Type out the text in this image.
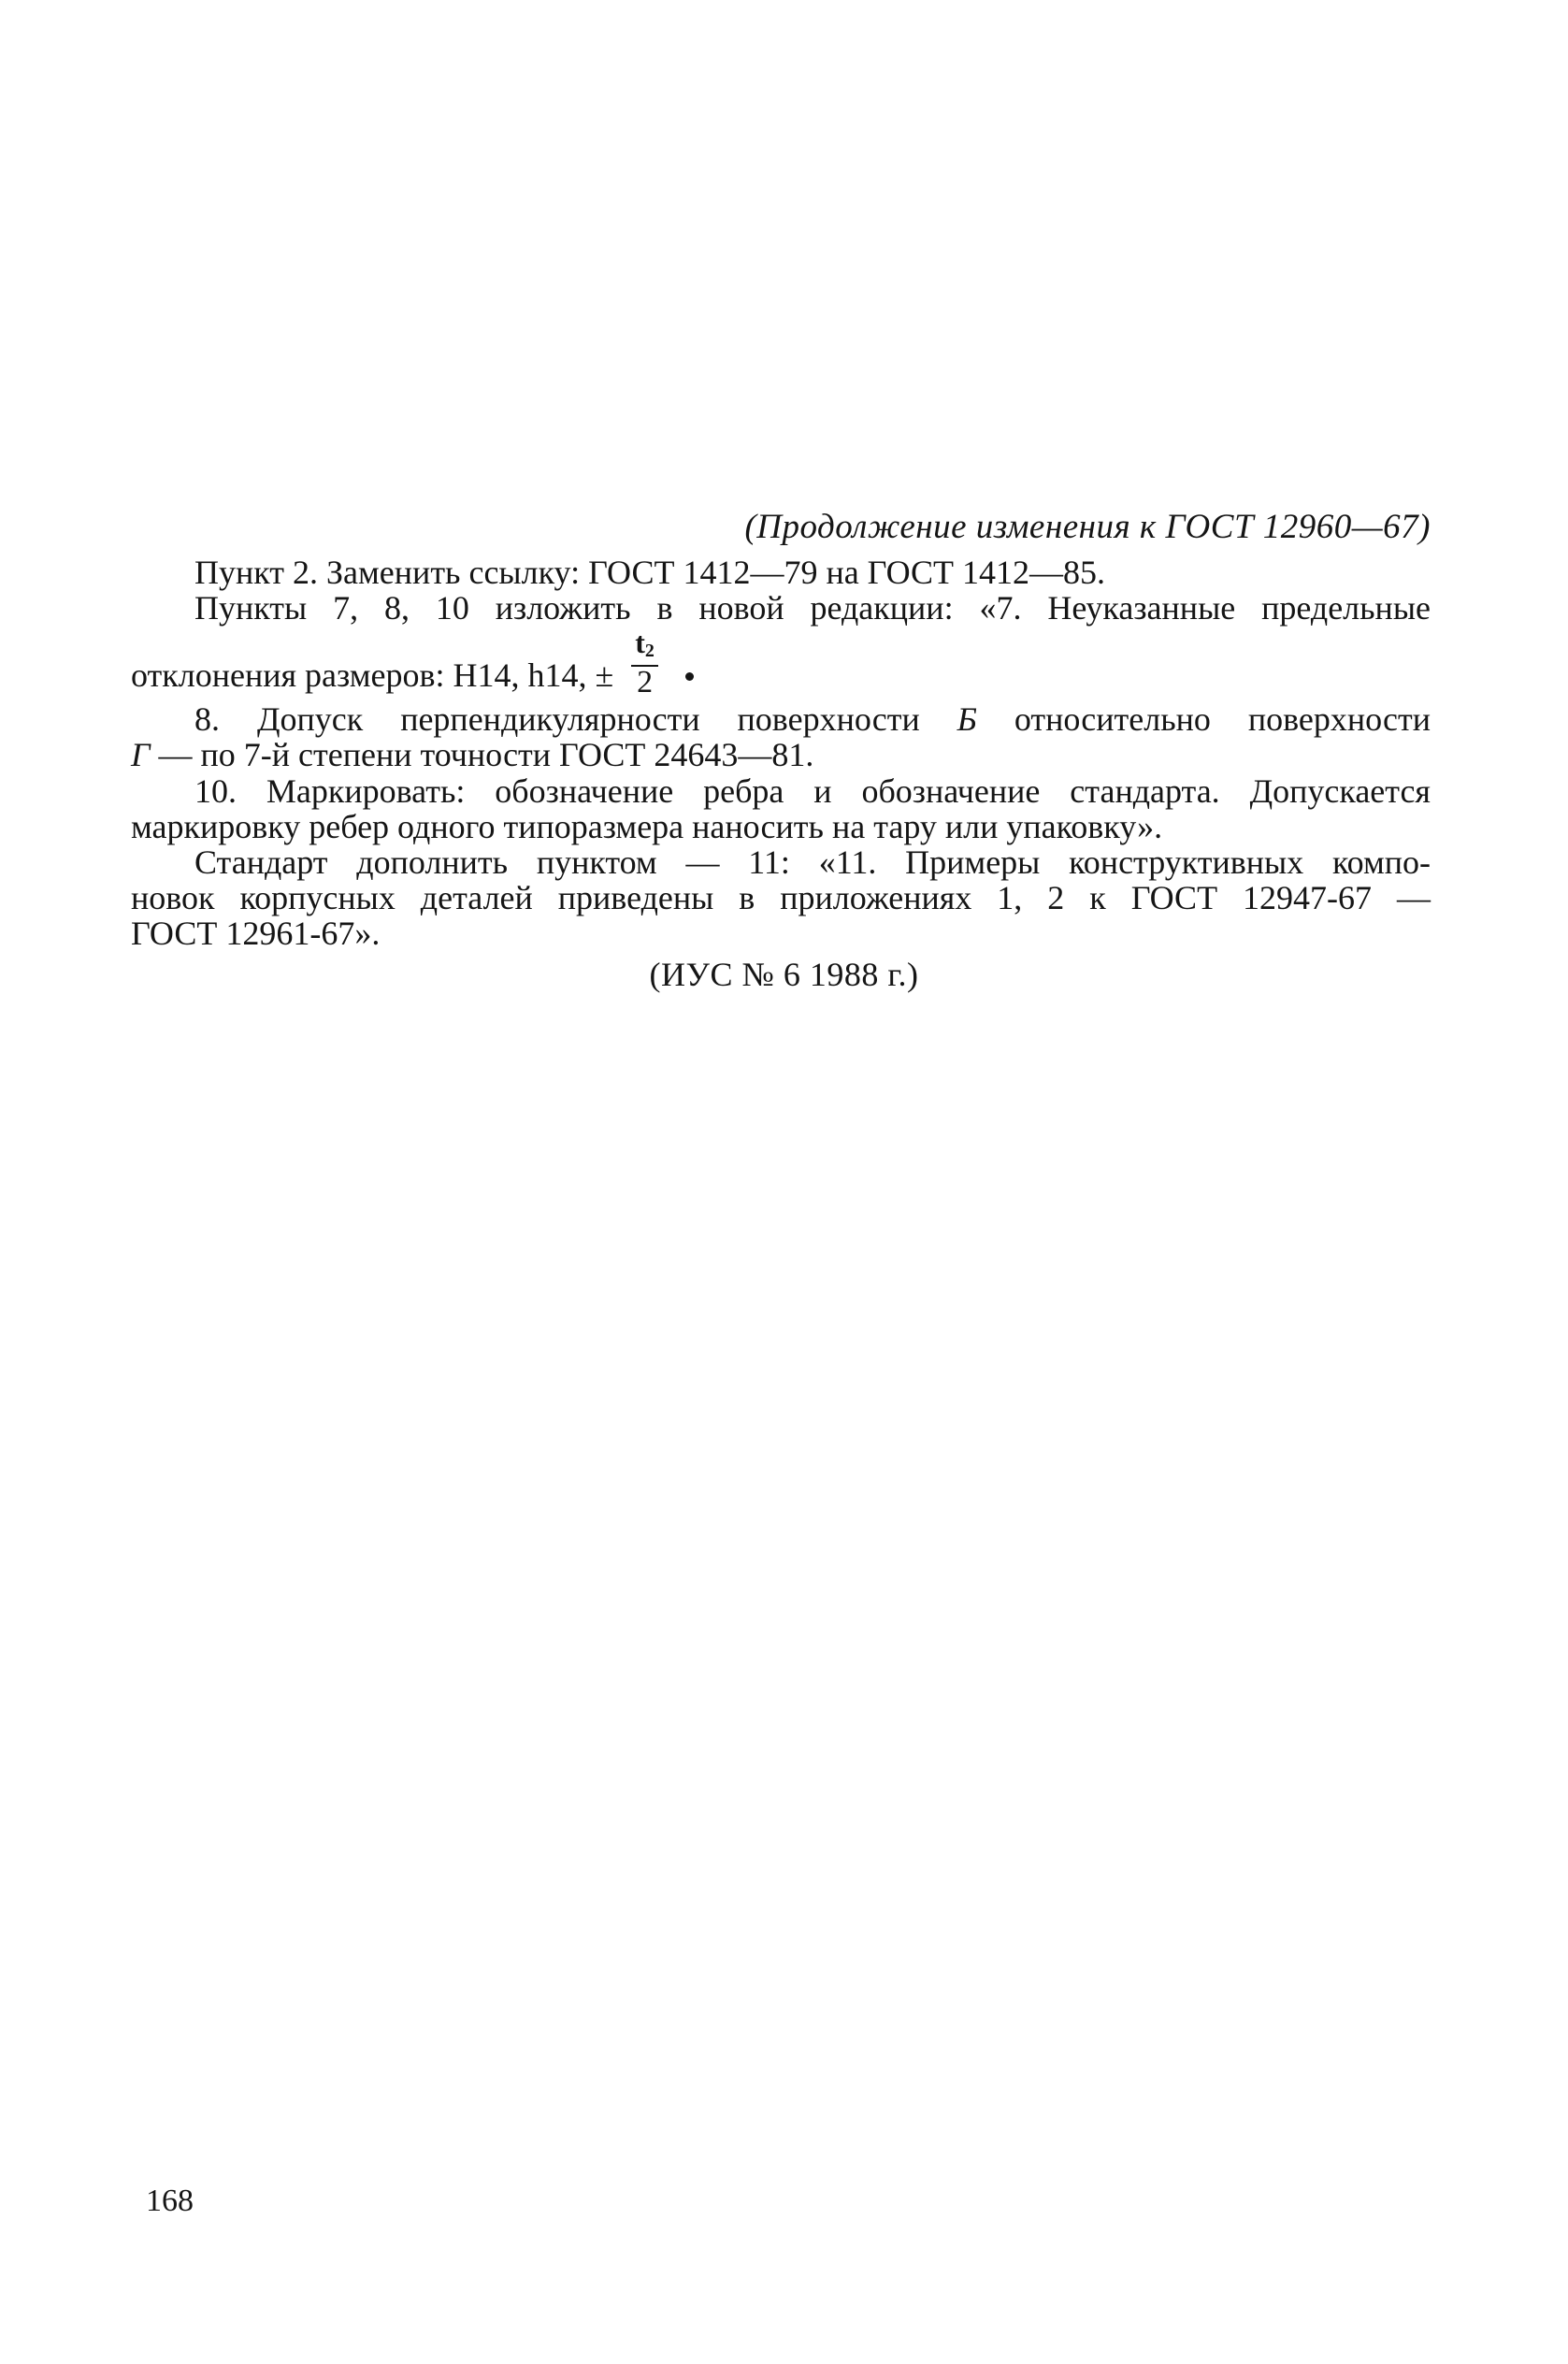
(Продолжение изменения к ГОСТ 12960—67)

Пункт 2. Заменить ссылку: ГОСТ 1412—79 на ГОСТ 1412—85.

Пункты 7, 8, 10 изложить в новой редакции: «7. Неуказанные предельные
отклонения размеров: H14, h14, ± $\frac{t_2}{2}$

8. Допуск перпендикулярности поверхности Б относительно поверхности
Г — по 7-й степени точности ГОСТ 24643—81.
10. Маркировать: обозначение ребра и обозначение стандарта. Допускается
маркировку ребер одного типоразмера наносить на тару или упаковку».
Стандарт дополнить пунктом — 11: «11. Примеры конструктивных компо-
новок корпусных деталей приведены в приложениях 1, 2 к ГОСТ 12947-67 —
ГОСТ 12961-67».
(ИУС № 6 1988 г.)
168
